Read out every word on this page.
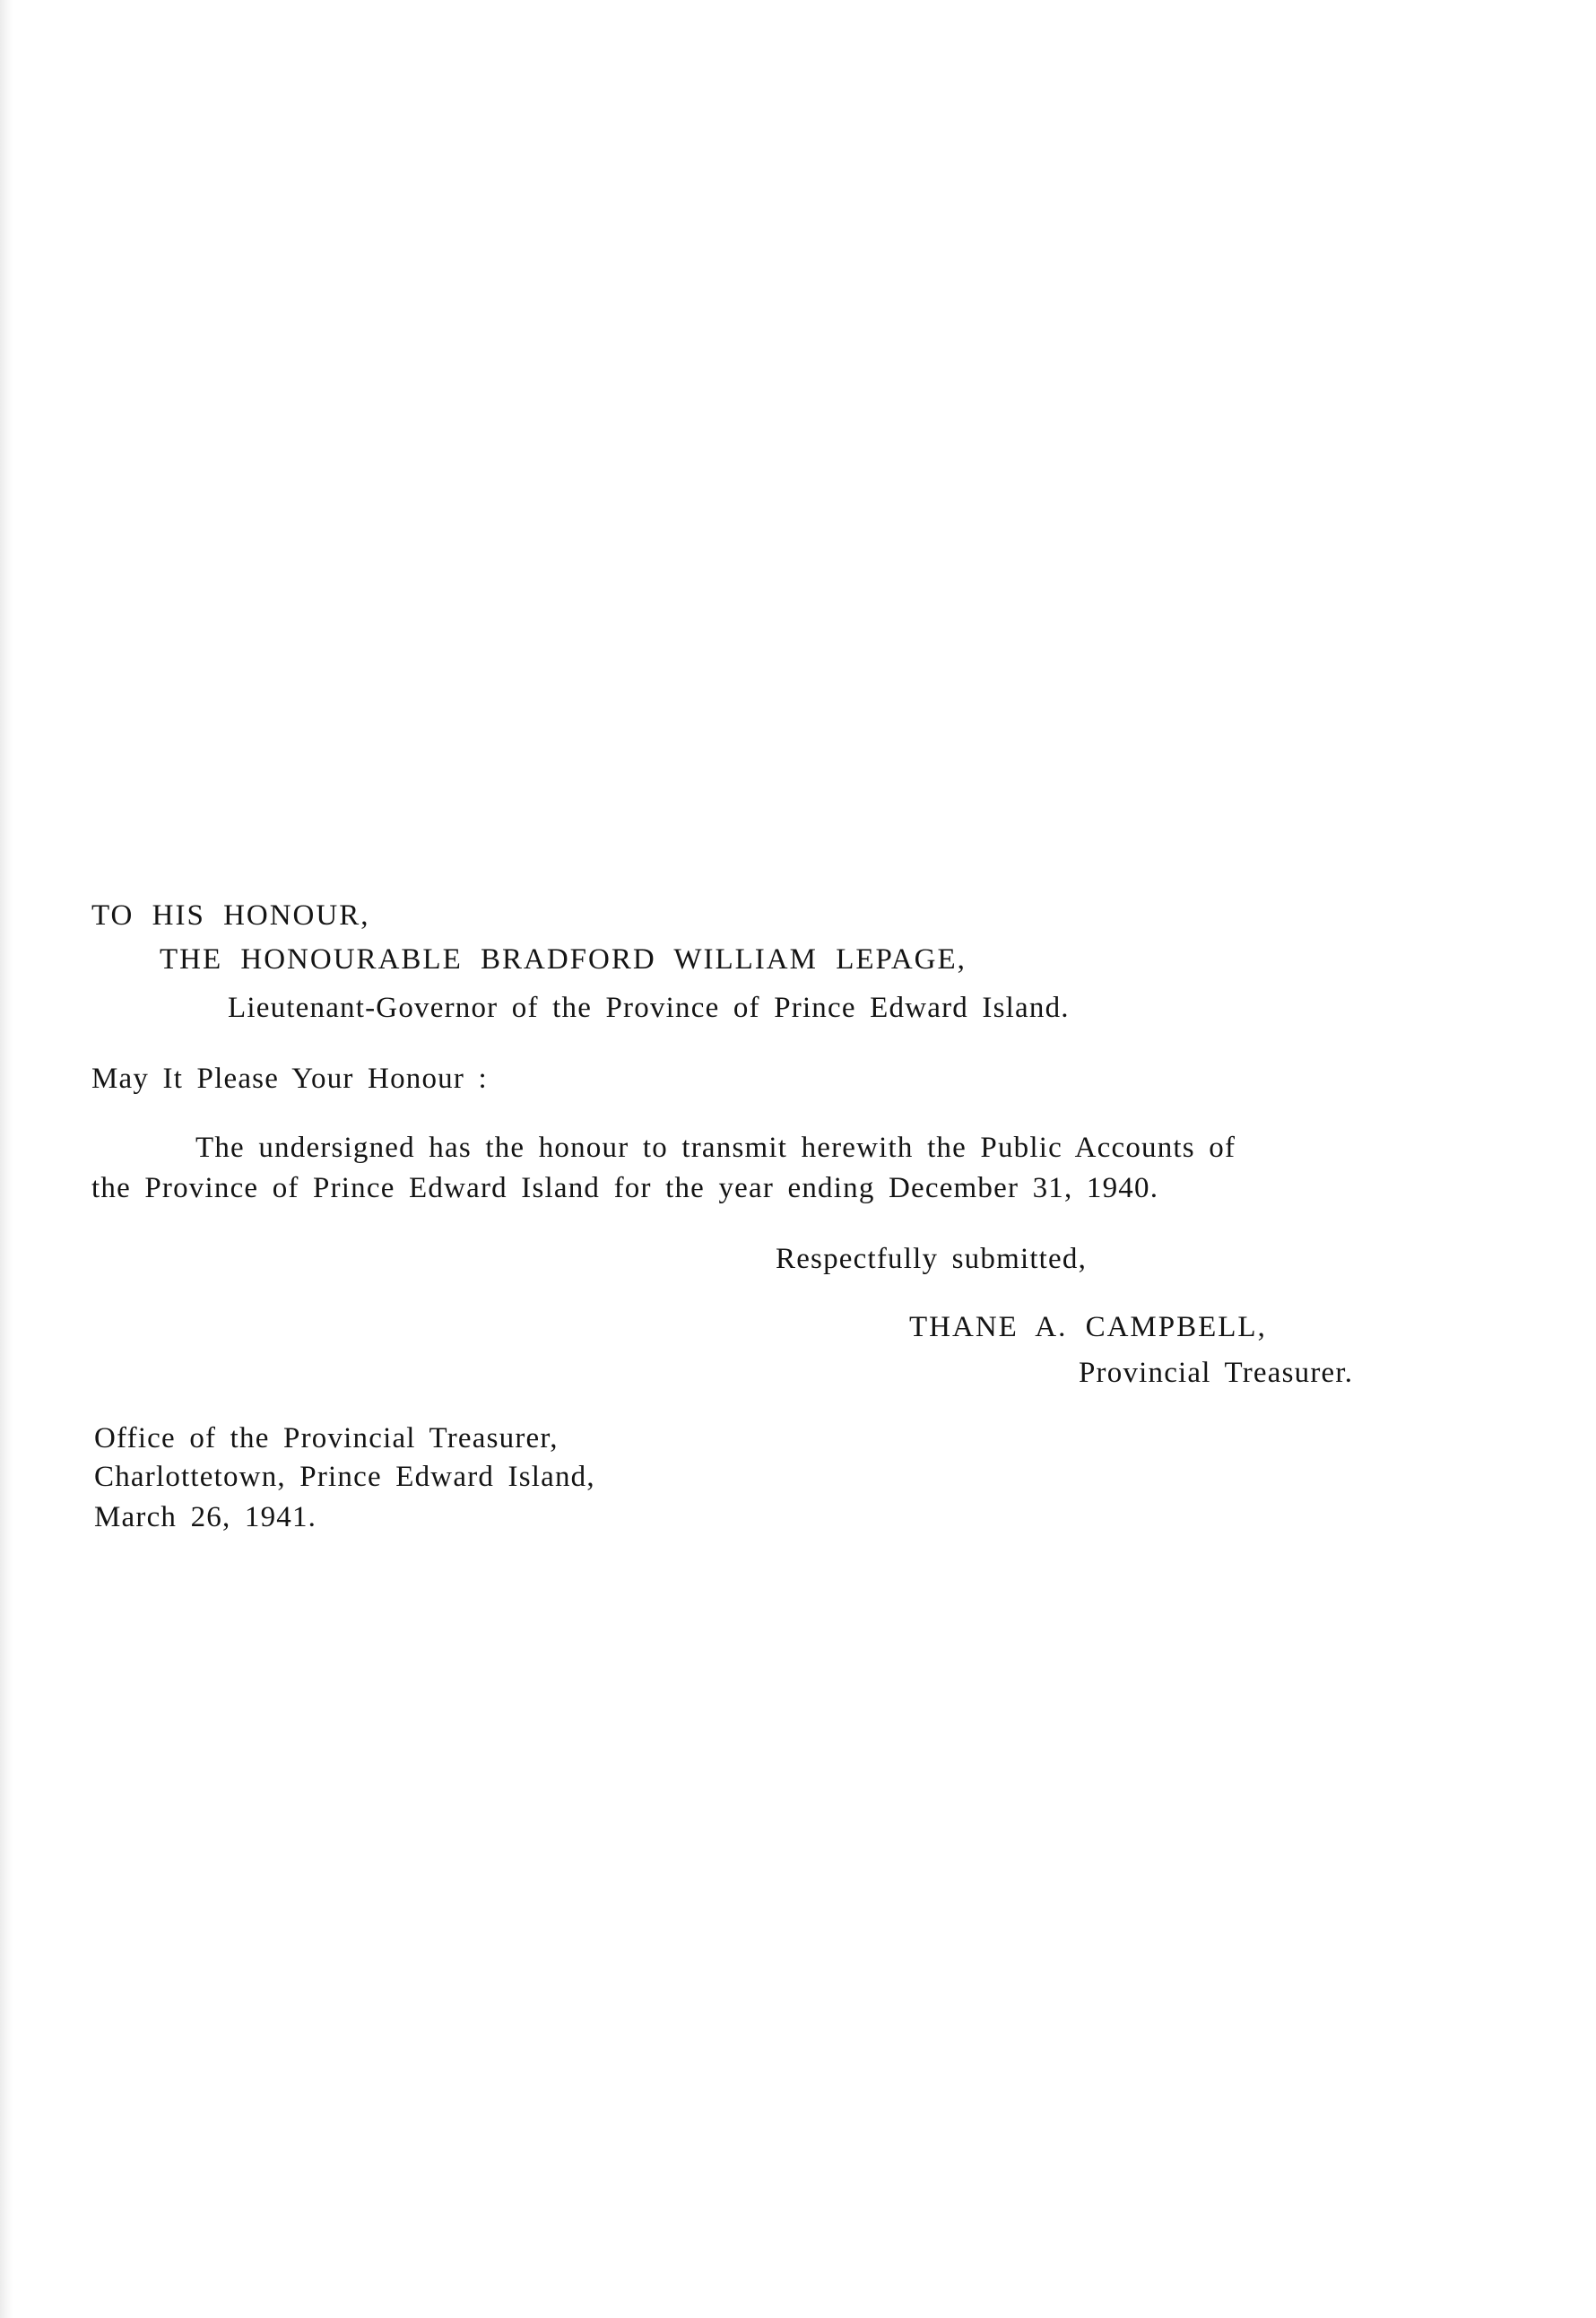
TO HIS HONOUR,
THE HONOURABLE BRADFORD WILLIAM LEPAGE,
Lieutenant-Governor of the Province of Prince Edward Island.
May It Please Your Honour :
The undersigned has the honour to transmit herewith the Public Accounts of
the Province of Prince Edward Island for the year ending December 31, 1940.
Respectfully submitted,
THANE A. CAMPBELL,
Provincial Treasurer.
Office of the Provincial Treasurer,
Charlottetown, Prince Edward Island,
March 26, 1941.
